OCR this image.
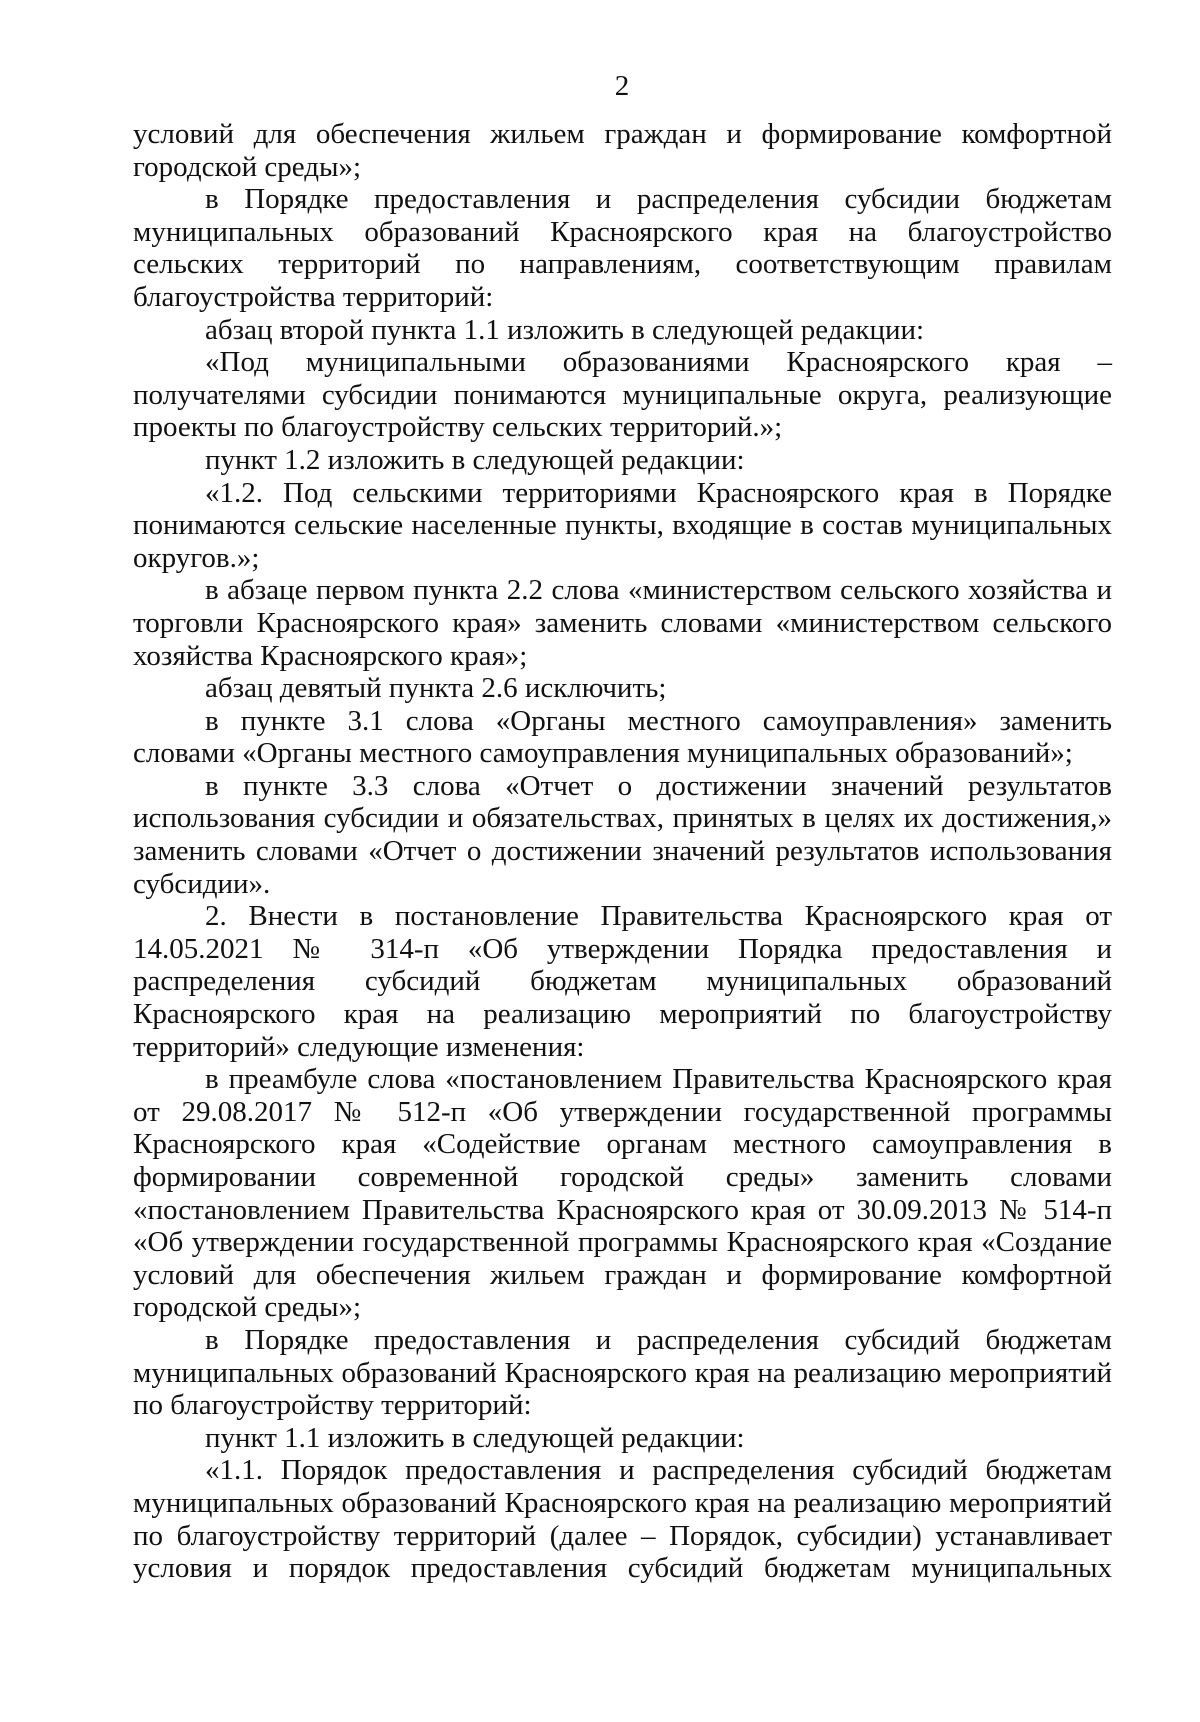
2

условий для обеспечения жильем граждан и формирование комфортной городской среды»;

в Порядке предоставления и распределения субсидии бюджетам муниципальных образований Красноярского края на благоустройство сельских территорий по направлениям, соответствующим правилам благоустройства территорий:

абзац второй пункта 1.1 изложить в следующей редакции:

«Под муниципальными образованиями Красноярского края – получателями субсидии понимаются муниципальные округа, реализующие проекты по благоустройству сельских территорий.»;

пункт 1.2 изложить в следующей редакции:

«1.2. Под сельскими территориями Красноярского края в Порядке понимаются сельские населенные пункты, входящие в состав муниципальных округов.»;

в абзаце первом пункта 2.2 слова «министерством сельского хозяйства и торговли Красноярского края» заменить словами «министерством сельского хозяйства Красноярского края»;

абзац девятый пункта 2.6 исключить;

в пункте 3.1 слова «Органы местного самоуправления» заменить словами «Органы местного самоуправления муниципальных образований»;

в пункте 3.3 слова «Отчет о достижении значений результатов использования субсидии и обязательствах, принятых в целях их достижения,» заменить словами «Отчет о достижении значений результатов использования субсидии».

2. Внести в постановление Правительства Красноярского края от 14.05.2021 № 314-п «Об утверждении Порядка предоставления и распределения субсидий бюджетам муниципальных образований Красноярского края на реализацию мероприятий по благоустройству территорий» следующие изменения:

в преамбуле слова «постановлением Правительства Красноярского края от 29.08.2017 № 512-п «Об утверждении государственной программы Красноярского края «Содействие органам местного самоуправления в формировании современной городской среды» заменить словами «постановлением Правительства Красноярского края от 30.09.2013 № 514-п «Об утверждении государственной программы Красноярского края «Создание условий для обеспечения жильем граждан и формирование комфортной городской среды»;

в Порядке предоставления и распределения субсидий бюджетам муниципальных образований Красноярского края на реализацию мероприятий по благоустройству территорий:

пункт 1.1 изложить в следующей редакции:

«1.1. Порядок предоставления и распределения субсидий бюджетам муниципальных образований Красноярского края на реализацию мероприятий по благоустройству территорий (далее – Порядок, субсидии) устанавливает условия и порядок предоставления субсидий бюджетам муниципальных
